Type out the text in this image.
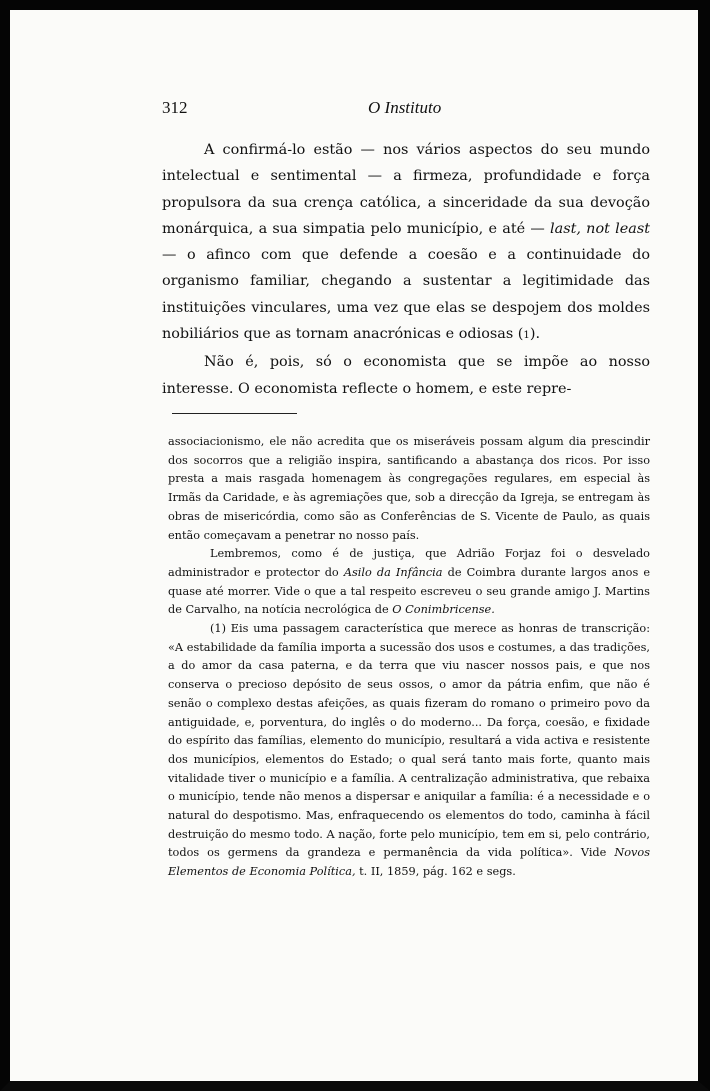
312	O Instituto

A confirmá-lo estão — nos vários aspectos do seu mundo intelectual e sentimental — a firmeza, profundidade e força propulsora da sua crença católica, a sinceridade da sua devoção monárquica, a sua simpatia pelo município, e até — last, not least — o afinco com que defende a coesão e a continuidade do organismo familiar, chegando a sustentar a legitimidade das instituições vinculares, uma vez que elas se despojem dos moldes nobiliários que as tornam anacrónicas e odiosas (1).

Não é, pois, só o economista que se impõe ao nosso interesse. O economista reflecte o homem, e este repre-

associacionismo, ele não acredita que os miseráveis possam algum dia prescindir dos socorros que a religião inspira, santificando a abastança dos ricos. Por isso presta a mais rasgada homenagem às congregações regulares, em especial às Irmãs da Caridade, e às agremiações que, sob a direcção da Igreja, se entregam às obras de misericórdia, como são as Conferências de S. Vicente de Paulo, as quais então começavam a penetrar no nosso país.

Lembremos, como é de justiça, que Adrião Forjaz foi o desvelado administrador e protector do Asilo da Infância de Coimbra durante largos anos e quase até morrer. Vide o que a tal respeito escreveu o seu grande amigo J. Martins de Carvalho, na notícia necrológica de O Conimbricense.

(1) Eis uma passagem característica que merece as honras de transcrição: «A estabilidade da família importa a sucessão dos usos e costumes, a das tradições, a do amor da casa paterna, e da terra que viu nascer nossos pais, e que nos conserva o precioso depósito de seus ossos, o amor da pátria enfim, que não é senão o complexo destas afeições, as quais fizeram do romano o primeiro povo da antiguidade, e, porventura, do inglês o do moderno... Da força, coesão, e fixidade do espírito das famílias, elemento do município, resultará a vida activa e resistente dos municípios, elementos do Estado; o qual será tanto mais forte, quanto mais vitalidade tiver o município e a família. A centralização administrativa, que rebaixa o município, tende não menos a dispersar e aniquilar a família: é a necessidade e o natural do despotismo. Mas, enfraquecendo os elementos do todo, caminha à fácil destruição do mesmo todo. A nação, forte pelo município, tem em si, pelo contrário, todos os germens da grandeza e permanência da vida política». Vide Novos Elementos de Economia Política, t. II, 1859, pág. 162 e segs.
